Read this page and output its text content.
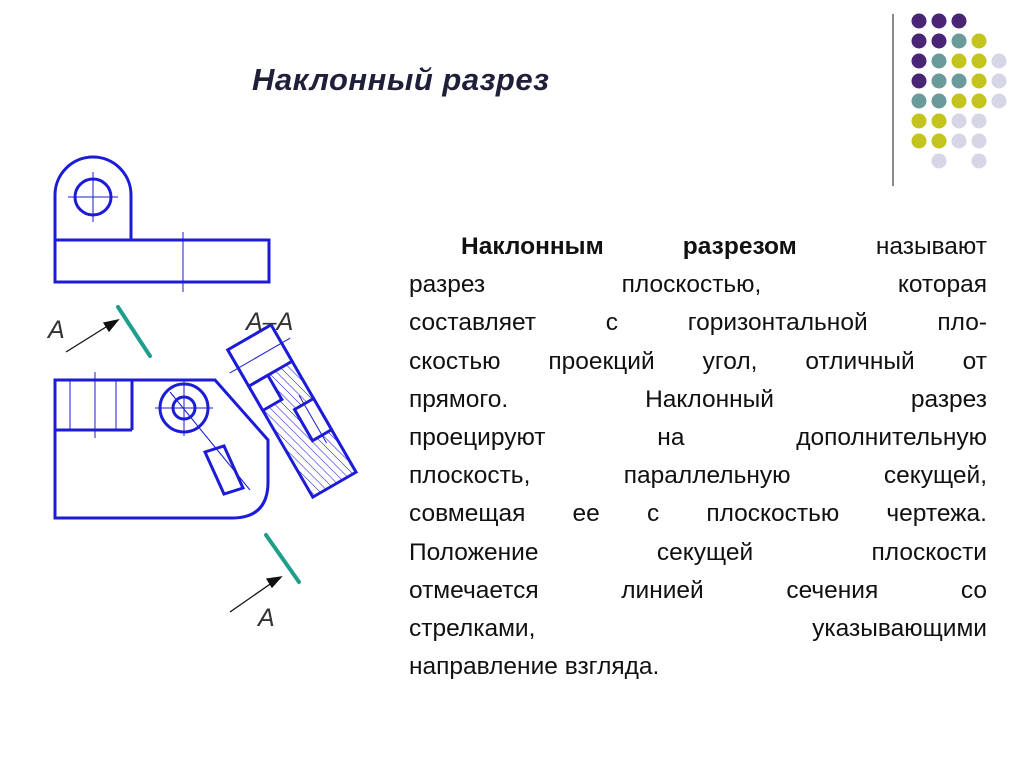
Наклонный разрез
A	А–А
A
Наклонным	разрезом	называют
разрез	плоскостью,	которая
составляет	с	горизонтальной	пло-
скостью проекций угол, отличный от
прямого.	Наклонный	разрез
проецируют	на	дополнительную
плоскость,	параллельную	секущей,
совмещая ее с плоскостью чертежа.
Положение	секущей	плоскости
отмечается	линией	сечения	со
стрелками,	указывающими
направление
взгляда.
